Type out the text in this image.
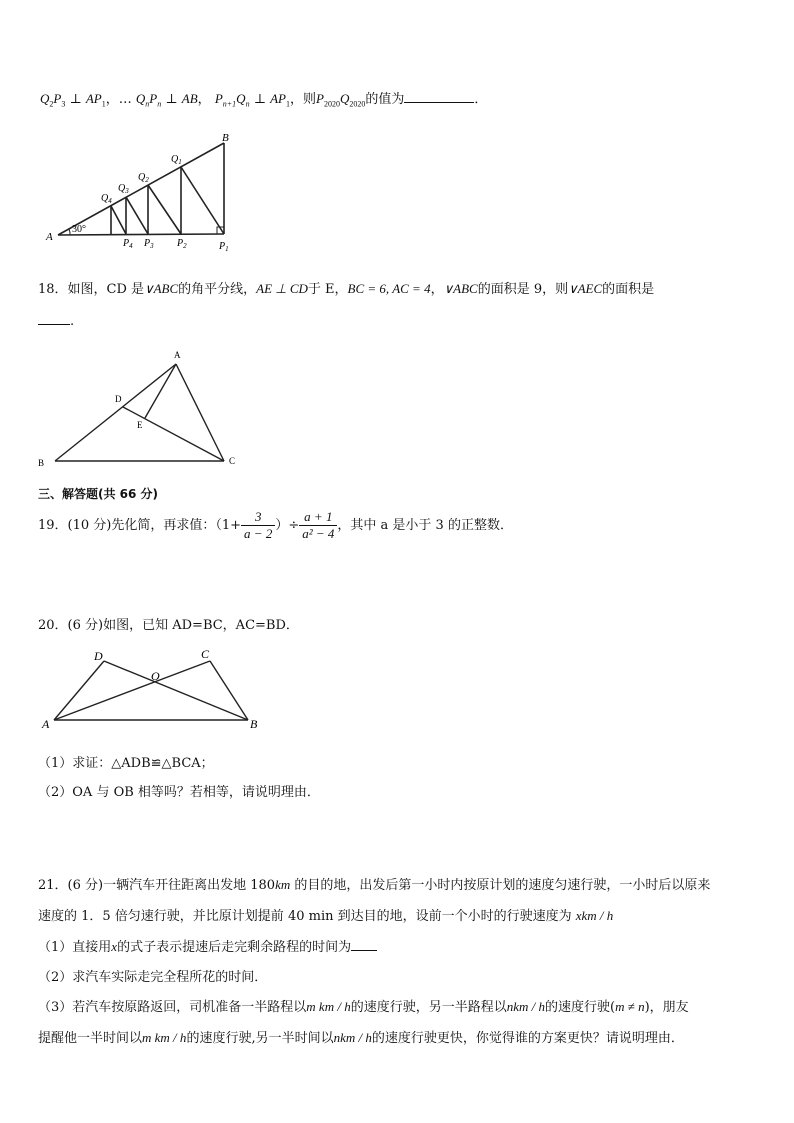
$Q_2P_3$ ⊥ $AP_1$，… $Q_nP_n$ ⊥ AB， $P_{n+1}Q_n$ ⊥ $AP_1$，则$P_{2020}Q_{2020}$的值为	．
A
B
30°
$Q_1$
$Q_2$
$Q_3$
$Q_4$
$P_4$ $P_3$ $P_2$	$P_1$
18．如图，CD 是∨ABC的角平分线，AE ⊥ CD于 E，BC = 6, AC = 4，∨ABC的面积是 9，则∨AEC的面积是
.
A
B	C
D
E
三、解答题(共 66 分)
19．(10 分)先化简，再求值：（$1+ \frac{3}{a - 2}$ ）÷ $\frac{a + 1}{\text{a² − 4}}$ ，其中 a 是小于 3 的正整数．
20．(6 分)如图，已知 AD=BC，AC=BD．
A	B
C
D
O
（1）求证：△ADB≌△BCA；
（2）OA 与 OB 相等吗？若相等，请说明理由．
21．(6 分)一辆汽车开往距离出发地 180km 的目的地，出发后第一小时内按原计划的速度匀速行驶，一小时后以原来
速度的 1．5 倍匀速行驶，并比原计划提前 40 min 到达目的地，设前一个小时的行驶速度为 xkm / h
（1）直接用x的式子表示提速后走完剩余路程的时间为
（2）求汽车实际走完全程所花的时间．
（3）若汽车按原路返回，司机准备一半路程以m km / h的速度行驶，另一半路程以nkm / h的速度行驶(m ≠ n)，朋友
提醒他一半时间以m km / h的速度行驶,另一半时间以nkm / h的速度行驶更快，你觉得谁的方案更快？请说明理由．
